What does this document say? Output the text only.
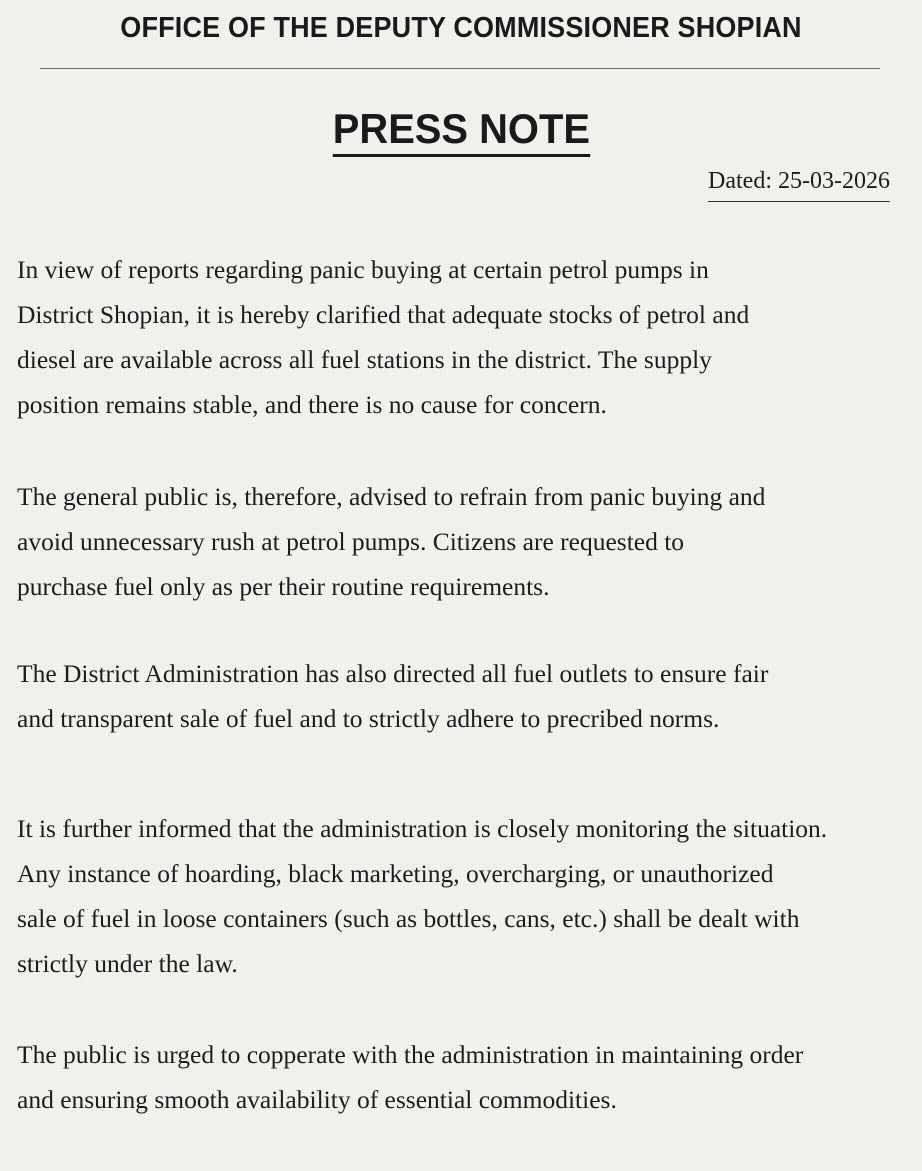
OFFICE OF THE DEPUTY COMMISSIONER SHOPIAN
PRESS NOTE
Dated: 25-03-2026

In view of reports regarding panic buying at certain petrol pumps in
District Shopian, it is hereby clarified that adequate stocks of petrol and
diesel are available across all fuel stations in the district. The supply
position remains stable, and there is no cause for concern.

The general public is, therefore, advised to refrain from panic buying and
avoid unnecessary rush at petrol pumps. Citizens are requested to
purchase fuel only as per their routine requirements.

The District Administration has also directed all fuel outlets to ensure fair
and transparent sale of fuel and to strictly adhere to precribed norms.

It is further informed that the administration is closely monitoring the situation.
Any instance of hoarding, black marketing, overcharging, or unauthorized
sale of fuel in loose containers (such as bottles, cans, etc.) shall be dealt with
strictly under the law.

The public is urged to copperate with the administration in maintaining order
and ensuring smooth availability of essential commodities.
